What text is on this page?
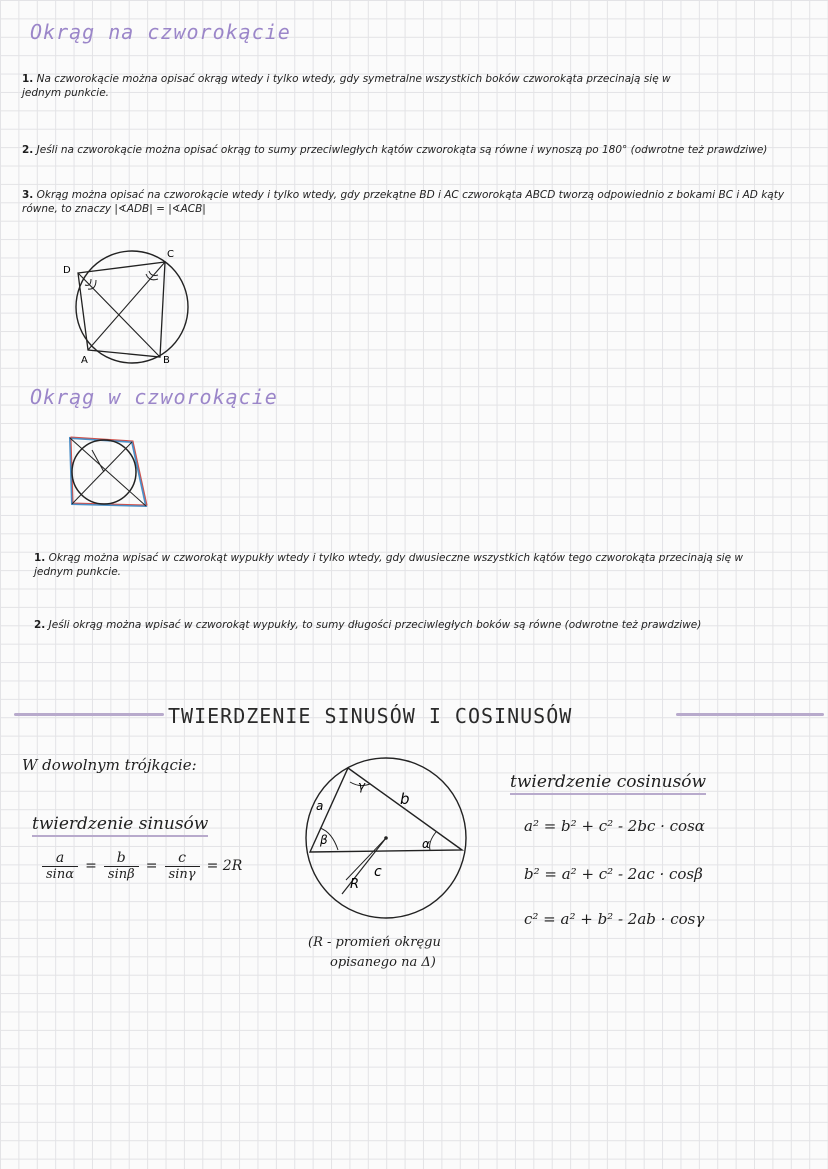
Okrąg na czworokącie
1. Na czworokącie można opisać okrąg wtedy i tylko wtedy, gdy symetralne wszystkich boków czworokąta przecinają się w jednym punkcie.
2. Jeśli na czworokącie można opisać okrąg to sumy przeciwległych kątów czworokąta są równe i wynoszą po 180° (odwrotne też prawdziwe)
3. Okrąg można opisać na czworokącie wtedy i tylko wtedy, gdy przekątne BD i AC czworokąta ABCD tworzą odpowiednio z bokami BC i AD kąty równe, to znaczy |∢ADB| = |∢ACB|
D
C
A	B
Okrąg w czworokącie
1. Okrąg można wpisać w czworokąt wypukły wtedy i tylko wtedy, gdy dwusieczne wszystkich kątów tego czworokąta przecinają się w jednym punkcie.
2. Jeśli okrąg można wpisać w czworokąt wypukły, to sumy długości przeciwległych boków są równe (odwrotne też prawdziwe)
TWIERDZENIE SINUSÓW I COSINUSÓW
W dowolnym trójkącie:
twierdzenie sinusów
$\frac{a}{\sin\alpha} = \frac{b}{\sin\beta} = \frac{c}{\sin\gamma} = 2R$
γ
β	α
a	b
c
R
(R - promień okręgu
opisanego na Δ)
twierdzenie cosinusów
a² = b² + c² - 2bc · cosα
b² = a² + c² - 2ac · cosβ
c² = a² + b² - 2ab · cosγ
